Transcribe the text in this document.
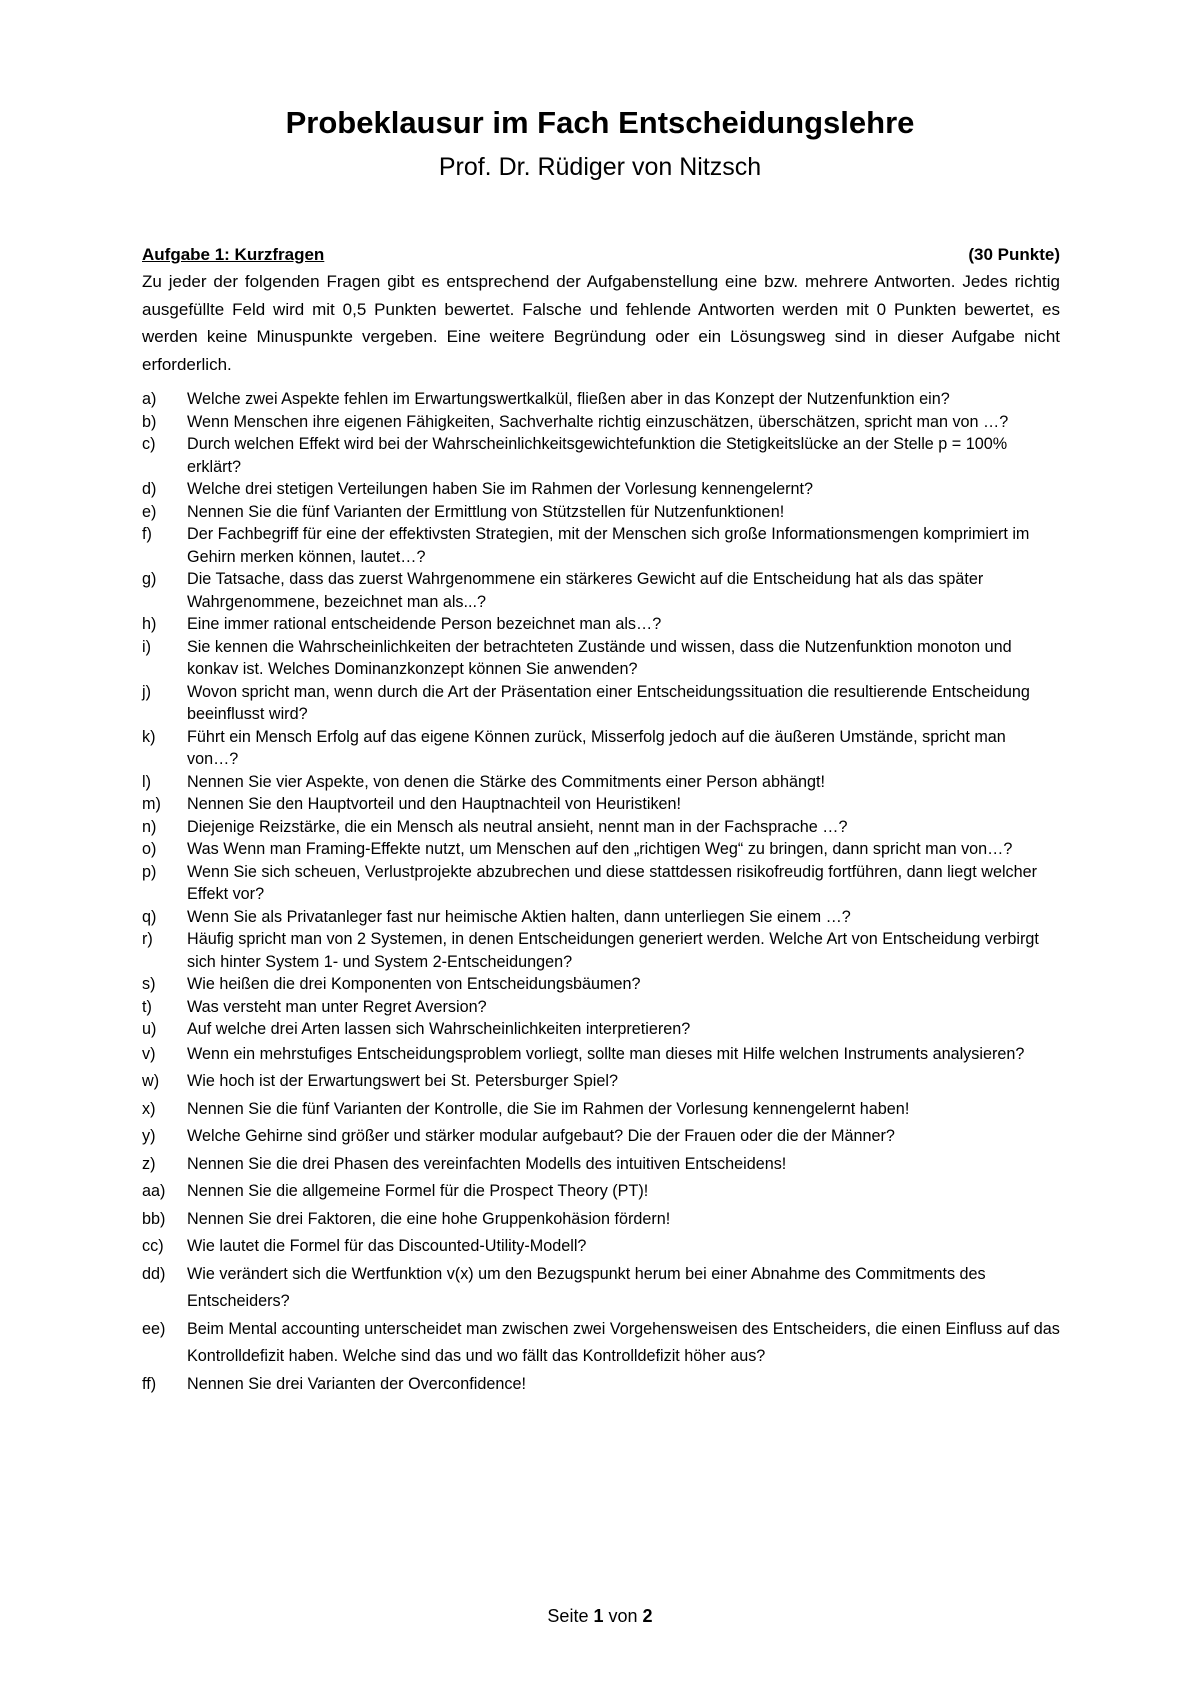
Probeklausur im Fach Entscheidungslehre

Prof. Dr. Rüdiger von Nitzsch

Aufgabe 1: Kurzfragen	(30 Punkte)

Zu jeder der folgenden Fragen gibt es entsprechend der Aufgabenstellung eine bzw. mehrere Antworten. Jedes richtig ausgefüllte Feld wird mit 0,5 Punkten bewertet. Falsche und fehlende Antworten werden mit 0 Punkten bewertet, es werden keine Minuspunkte vergeben. Eine weitere Begründung oder ein Lösungsweg sind in dieser Aufgabe nicht erforderlich.

a)	Welche zwei Aspekte fehlen im Erwartungswertkalkül, fließen aber in das Konzept der Nutzenfunktion ein?
b)	Wenn Menschen ihre eigenen Fähigkeiten, Sachverhalte richtig einzuschätzen, überschätzen, spricht man von …?
c)	Durch welchen Effekt wird bei der Wahrscheinlichkeitsgewichtefunktion die Stetigkeitslücke an der Stelle p = 100% erklärt?
d)	Welche drei stetigen Verteilungen haben Sie im Rahmen der Vorlesung kennengelernt?
e)	Nennen Sie die fünf Varianten der Ermittlung von Stützstellen für Nutzenfunktionen!
f)	Der Fachbegriff für eine der effektivsten Strategien, mit der Menschen sich große Informationsmengen komprimiert im Gehirn merken können, lautet…?
g)	Die Tatsache, dass das zuerst Wahrgenommene ein stärkeres Gewicht auf die Entscheidung hat als das später Wahrgenommene, bezeichnet man als...?
h)	Eine immer rational entscheidende Person bezeichnet man als…?
i)	Sie kennen die Wahrscheinlichkeiten der betrachteten Zustände und wissen, dass die Nutzenfunktion monoton und konkav ist. Welches Dominanzkonzept können Sie anwenden?
j)	Wovon spricht man, wenn durch die Art der Präsentation einer Entscheidungssituation die resultierende Entscheidung beeinflusst wird?
k)	Führt ein Mensch Erfolg auf das eigene Können zurück, Misserfolg jedoch auf die äußeren Umstände, spricht man von…?
l)	Nennen Sie vier Aspekte, von denen die Stärke des Commitments einer Person abhängt!
m)	Nennen Sie den Hauptvorteil und den Hauptnachteil von Heuristiken!
n)	Diejenige Reizstärke, die ein Mensch als neutral ansieht, nennt man in der Fachsprache …?
o)	Was Wenn man Framing-Effekte nutzt, um Menschen auf den „richtigen Weg“ zu bringen, dann spricht man von…?
p)	Wenn Sie sich scheuen, Verlustprojekte abzubrechen und diese stattdessen risikofreudig fortführen, dann liegt welcher Effekt vor?
q)	Wenn Sie als Privatanleger fast nur heimische Aktien halten, dann unterliegen Sie einem …?
r)	Häufig spricht man von 2 Systemen, in denen Entscheidungen generiert werden. Welche Art von Entscheidung verbirgt sich hinter System 1- und System 2-Entscheidungen?
s)	Wie heißen die drei Komponenten von Entscheidungsbäumen?
t)	Was versteht man unter Regret Aversion?
u)	Auf welche drei Arten lassen sich Wahrscheinlichkeiten interpretieren?
v)	Wenn ein mehrstufiges Entscheidungsproblem vorliegt, sollte man dieses mit Hilfe welchen Instruments analysieren?
w)	Wie hoch ist der Erwartungswert bei St. Petersburger Spiel?
x)	Nennen Sie die fünf Varianten der Kontrolle, die Sie im Rahmen der Vorlesung kennengelernt haben!
y)	Welche Gehirne sind größer und stärker modular aufgebaut? Die der Frauen oder die der Männer?
z)	Nennen Sie die drei Phasen des vereinfachten Modells des intuitiven Entscheidens!
aa)	Nennen Sie die allgemeine Formel für die Prospect Theory (PT)!
bb)	Nennen Sie drei Faktoren, die eine hohe Gruppenkohäsion fördern!
cc)	Wie lautet die Formel für das Discounted-Utility-Modell?
dd)	Wie verändert sich die Wertfunktion v(x) um den Bezugspunkt herum bei einer Abnahme des Commitments des Entscheiders?
ee)	Beim Mental accounting unterscheidet man zwischen zwei Vorgehensweisen des Entscheiders, die einen Einfluss auf das Kontrolldefizit haben. Welche sind das und wo fällt das Kontrolldefizit höher aus?
ff)	Nennen Sie drei Varianten der Overconfidence!
Seite 1 von 2
